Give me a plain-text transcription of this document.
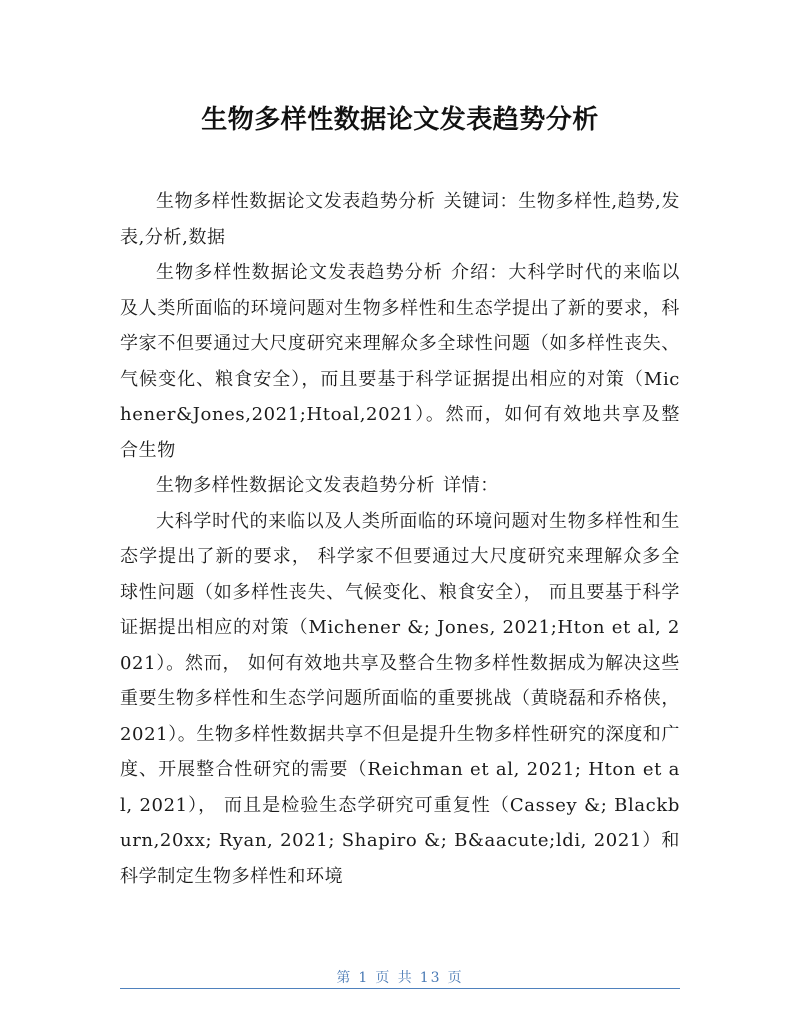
生物多样性数据论文发表趋势分析

生物多样性数据论文发表趋势分析 关键词：生物多样性,趋势,发表,分析,数据

生物多样性数据论文发表趋势分析 介绍：大科学时代的来临以及人类所面临的环境问题对生物多样性和生态学提出了新的要求，科学家不但要通过大尺度研究来理解众多全球性问题（如多样性丧失、气候变化、粮食安全），而且要基于科学证据提出相应的对策（Michener&Jones,2021;Htoal,2021）。然而，如何有效地共享及整合生物

生物多样性数据论文发表趋势分析 详情：

大科学时代的来临以及人类所面临的环境问题对生物多样性和生态学提出了新的要求， 科学家不但要通过大尺度研究来理解众多全球性问题（如多样性丧失、气候变化、粮食安全）， 而且要基于科学证据提出相应的对策（Michener &; Jones, 2021;Hton et al, 2021）。然而， 如何有效地共享及整合生物多样性数据成为解决这些重要生物多样性和生态学问题所面临的重要挑战（黄晓磊和乔格侠，2021）。生物多样性数据共享不但是提升生物多样性研究的深度和广度、开展整合性研究的需要（Reichman et al, 2021; Hton et al, 2021）， 而且是检验生态学研究可重复性（Cassey &; Blackburn,20xx; Ryan, 2021; Shapiro &; B&aacute;ldi, 2021）和科学制定生物多样性和环境

第 1 页 共 13 页
